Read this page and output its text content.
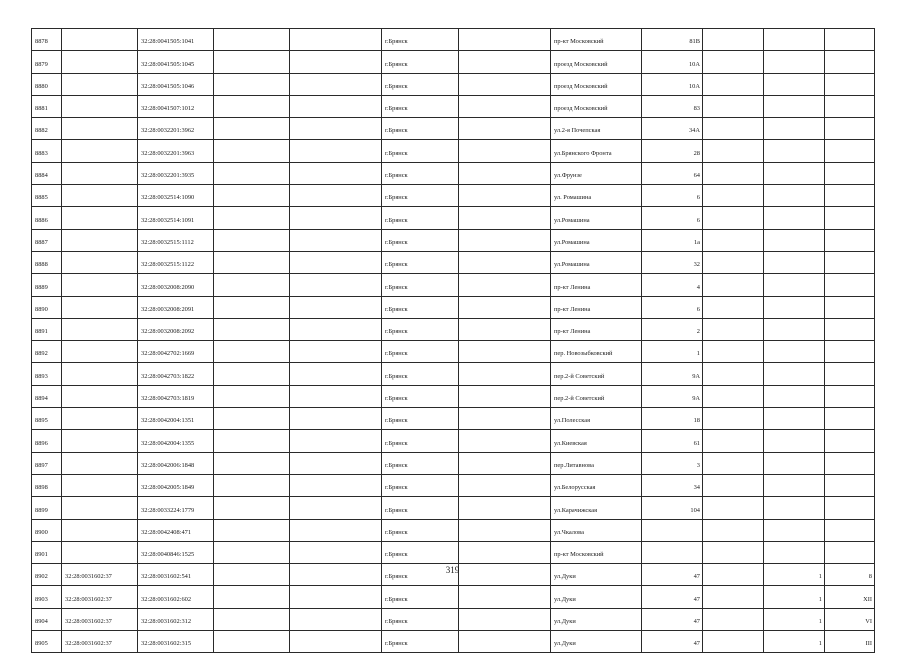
8878		32:28:0041505:1041			г.Брянск		пр-кт Московский	81В			
8879		32:28:0041505:1045			г.Брянск		проезд Московский	10А			
8880		32:28:0041505:1046			г.Брянск		проезд Московский	10А			
8881		32:28:0041507:1012			г.Брянск		проезд Московский	83			
8882		32:28:0032201:3962			г.Брянск		ул.2-я Почепская	34А			
8883		32:28:0032201:3963			г.Брянск		ул.Брянского Фронта	28			
8884		32:28:0032201:3935			г.Брянск		ул.Фрунзе	64			
8885		32:28:0032514:1090			г.Брянск		ул. Ромашина	6			
8886		32:28:0032514:1091			г.Брянск		ул.Ромашина	6			
8887		32:28:0032515:1112			г.Брянск		ул.Ромашина	1а			
8888		32:28:0032515:1122			г.Брянск		ул.Ромашина	32			
8889		32:28:0032008:2090			г.Брянск		пр-кт Ленина	4			
8890		32:28:0032008:2091			г.Брянск		пр-кт Ленина	6			
8891		32:28:0032008:2092			г.Брянск		пр-кт Ленина	2			
8892		32:28:0042702:1669			г.Брянск		пер. Новозыбковский	1			
8893		32:28:0042703:1822			г.Брянск		пер.2-й Советский	9А			
8894		32:28:0042703:1819			г.Брянск		пер.2-й Советский	9А			
8895		32:28:0042004:1351			г.Брянск		ул.Полесская	18			
8896		32:28:0042004:1355			г.Брянск		ул.Киевская	61			
8897		32:28:0042006:1848			г.Брянск		пер.Литавнова	3			
8898		32:28:0042005:1849			г.Брянск		ул.Белорусская	34			
8899		32:28:0033224:1779			г.Брянск		ул.Карачижская	104			
8900		32:28:0042408:471			г.Брянск		ул.Чкалова				
8901		32:28:0040846:1525			г.Брянск		пр-кт Московский				
8902	32:28:0031602:37	32:28:0031602:541			г.Брянск		ул.Дуки	47		1	8
8903	32:28:0031602:37	32:28:0031602:602			г.Брянск		ул.Дуки	47		1	XII
8904	32:28:0031602:37	32:28:0031602:312			г.Брянск		ул.Дуки	47		1	VI
8905	32:28:0031602:37	32:28:0031602:315			г.Брянск		ул.Дуки	47		1	III
319
